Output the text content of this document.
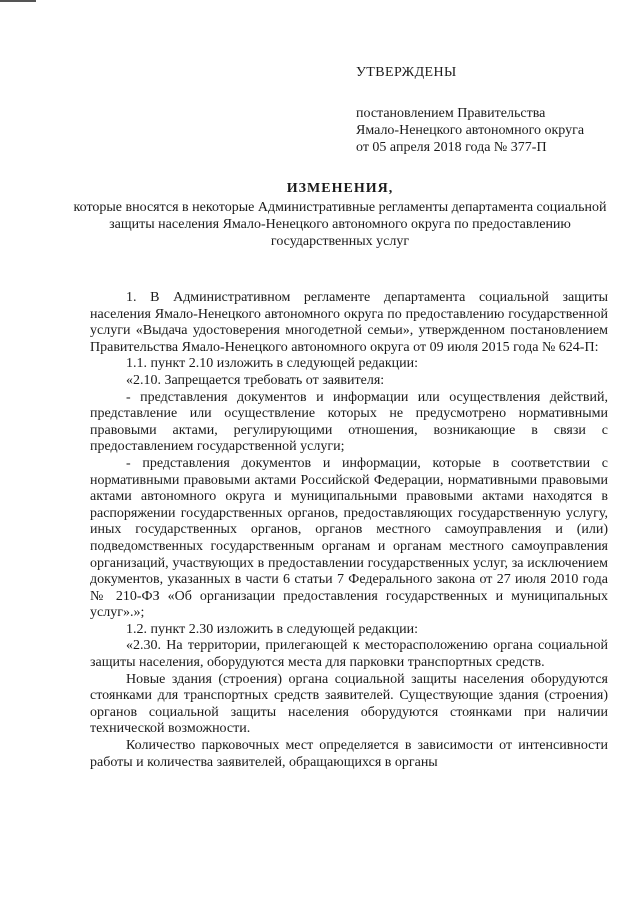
УТВЕРЖДЕНЫ
постановлением Правительства
Ямало-Ненецкого автономного округа
от 05 апреля 2018 года № 377-П
ИЗМЕНЕНИЯ,
которые вносятся в некоторые Административные регламенты департамента социальной защиты населения Ямало-Ненецкого автономного округа по предоставлению государственных услуг

1. В Административном регламенте департамента социальной защиты населения Ямало-Ненецкого автономного округа по предоставлению государственной услуги «Выдача удостоверения многодетной семьи», утвержденном постановлением Правительства Ямало-Ненецкого автономного округа от 09 июля 2015 года № 624-П:

1.1. пункт 2.10 изложить в следующей редакции:

«2.10. Запрещается требовать от заявителя:

- представления документов и информации или осуществления действий, представление или осуществление которых не предусмотрено нормативными правовыми актами, регулирующими отношения, возникающие в связи с предоставлением государственной услуги;

- представления документов и информации, которые в соответствии с нормативными правовыми актами Российской Федерации, нормативными правовыми актами автономного округа и муниципальными правовыми актами находятся в распоряжении государственных органов, предоставляющих государственную услугу, иных государственных органов, органов местного самоуправления и (или) подведомственных государственным органам и органам местного самоуправления организаций, участвующих в предоставлении государственных услуг, за исключением документов, указанных в части 6 статьи 7 Федерального закона от 27 июля 2010 года № 210-ФЗ «Об организации предоставления государственных и муниципальных услуг».»;

1.2. пункт 2.30 изложить в следующей редакции:

«2.30. На территории, прилегающей к месторасположению органа социальной защиты населения, оборудуются места для парковки транспортных средств.

Новые здания (строения) органа социальной защиты населения оборудуются стоянками для транспортных средств заявителей. Существующие здания (строения) органов социальной защиты населения оборудуются стоянками при наличии технической возможности.

Количество парковочных мест определяется в зависимости от интенсивности работы и количества заявителей, обращающихся в органы
